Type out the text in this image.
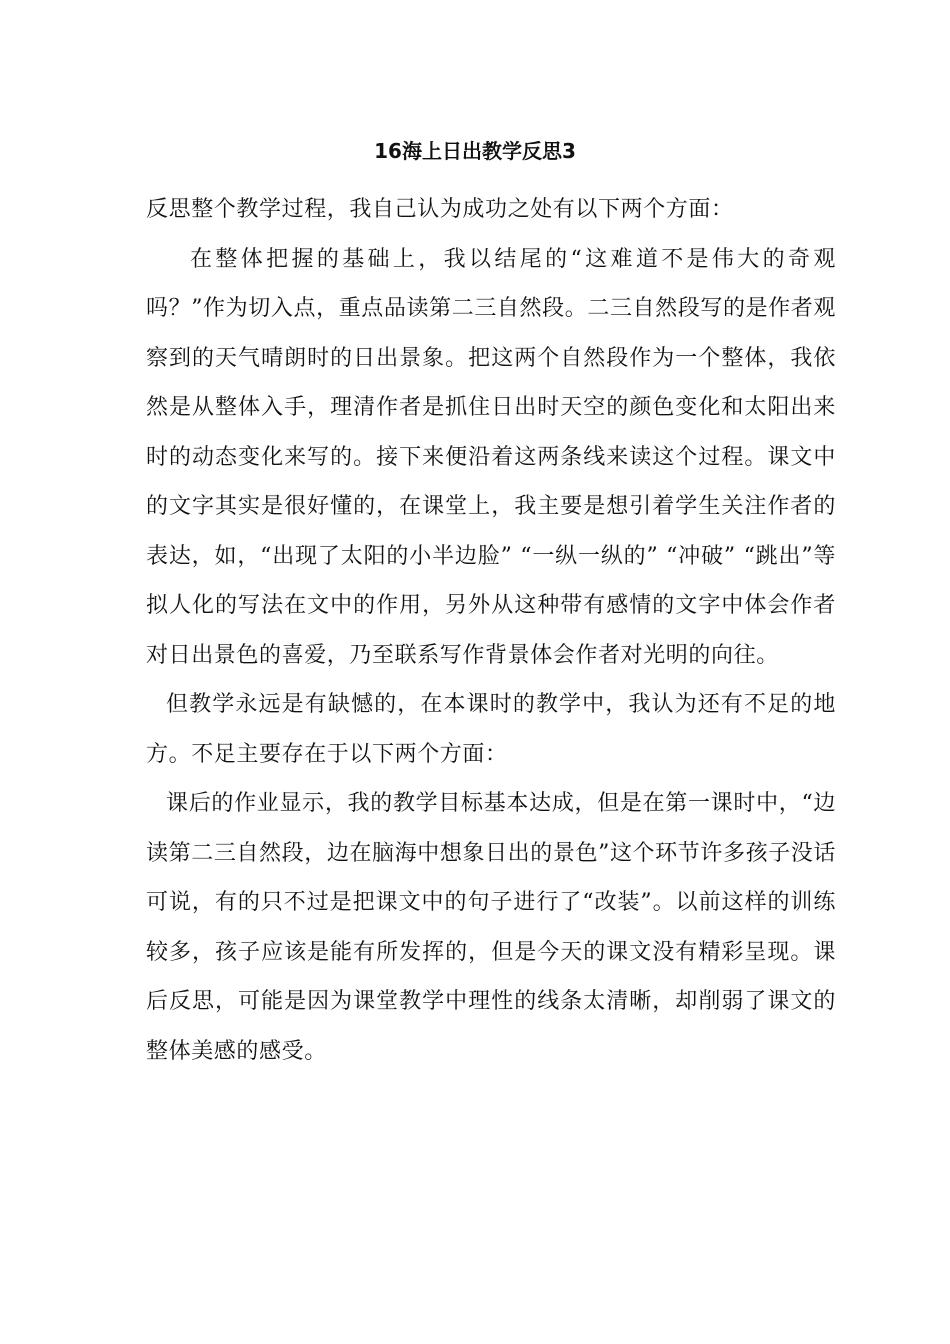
16海上日出教学反思3

反思整个教学过程，我自己认为成功之处有以下两个方面：

在整体把握的基础上，我以结尾的“这难道不是伟大的奇观吗？”作为切入点，重点品读第二三自然段。二三自然段写的是作者观察到的天气晴朗时的日出景象。把这两个自然段作为一个整体，我依然是从整体入手，理清作者是抓住日出时天空的颜色变化和太阳出来时的动态变化来写的。接下来便沿着这两条线来读这个过程。课文中的文字其实是很好懂的，在课堂上，我主要是想引着学生关注作者的表达，如，“出现了太阳的小半边脸” “一纵一纵的” “冲破” “跳出”等拟人化的写法在文中的作用，另外从这种带有感情的文字中体会作者对日出景色的喜爱，乃至联系写作背景体会作者对光明的向往。

但教学永远是有缺憾的，在本课时的教学中，我认为还有不足的地方。不足主要存在于以下两个方面：

课后的作业显示，我的教学目标基本达成，但是在第一课时中，“边读第二三自然段，边在脑海中想象日出的景色”这个环节许多孩子没话可说，有的只不过是把课文中的句子进行了“改装”。以前这样的训练较多，孩子应该是能有所发挥的，但是今天的课文没有精彩呈现。课后反思，可能是因为课堂教学中理性的线条太清晰，却削弱了课文的整体美感的感受。
